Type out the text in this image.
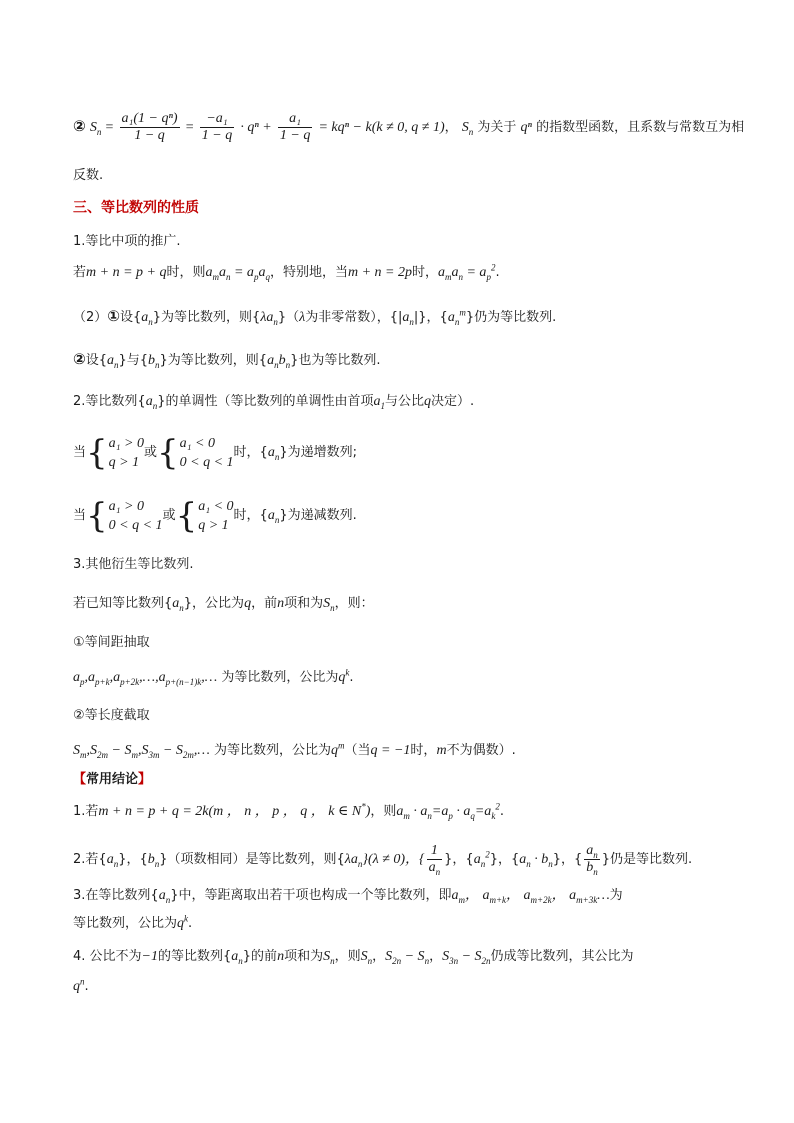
② $S_n = \frac{\text{a₁(1 − qⁿ)}}{1 - q} = \frac{\text{−a₁}}{1 - q} \cdot q^n + \frac{\text{a₁}}{1 - q} = kq^n - k(k \ne 0$, q ≠ 1)， $S_n$ 为关于 qⁿ 的指数型函数，且系数与常数互为相
反数.
三、等比数列的性质
1.等比中项的推广.
若m + n = p + q时，则$a_ma_n = a_pa_q$，特别地，当m + n = 2p时，$a_ma_n = a_p^2$.
（2）①设$\{a_n\}$为等比数列，则$\{\lambda a_n\}(\lambda$为非零常数），$\{|a_n|\}$，$\{a_n^m\}$仍为等比数列.
②设$\{a_n\}$与$\{b_n\}$为等比数列，则$\{a_nb_n\}$也为等比数列.
2.等比数列$\{a_n\}$的单调性（等比数列的单调性由首项$a_1$与公比q决定）.
当{ a₁ > 0
q > 1
或{ a₁ < 0
0 < q < 1
时，$\{a_n\}$为递增数列;
当{ a₁ > 0
0 < q < 1
或{ a₁ < 0
q > 1
时，$\{a_n\}$为递减数列.
3.其他衍生等比数列.
若已知等比数列$\{a_n\}$，公比为q，前n项和为$S_n$，则：
①等间距抽取
$a_p,a_{p+k},a_{p+2k},\dots,a_{p+(n-1)k},\dots$ 为等比数列，公比为$q^k$.
②等长度截取
$S_m,S_{2m} - S_m,S_{3m}$ − $S_{2m},\dots$ 为等比数列，公比为$q^m$（当q = −1时，m不为偶数）.
【常用结论】
1.若m + n = p + q = 2k(m ， n ， p ， q ， k ∈ N*)，则$a_m \cdot a_n=a_p \cdot a_q=a_k^2$.
2.若$\{a_n\}$，$\{b_n\}$（项数相同）是等比数列，则$\{\lambda a_n\}(\lambda \ne 0)$，{ $\frac{1}{a_n}$ }，$\{a_n^2\}$，$\{a_n \cdot b_n\}$，{ $\frac{a_n}{b_n}$ }仍是等比数列.
3.在等比数列$\{a_n\}$中，等距离取出若干项也构成一个等比数列，即$a_m$， $a_{m+k}$， $a_{m+2k}$， $a_{m+3k}\dots$为
等比数列，公比为$q^k$.
4. 公比不为−1的等比数列$\{a_n\}$的前n项和为$S_n$，则$S_n$，$S_{2n} - S_n$，$S_{3n} - S_{2n}$仍成等比数列，其公比为
$q^n$.
